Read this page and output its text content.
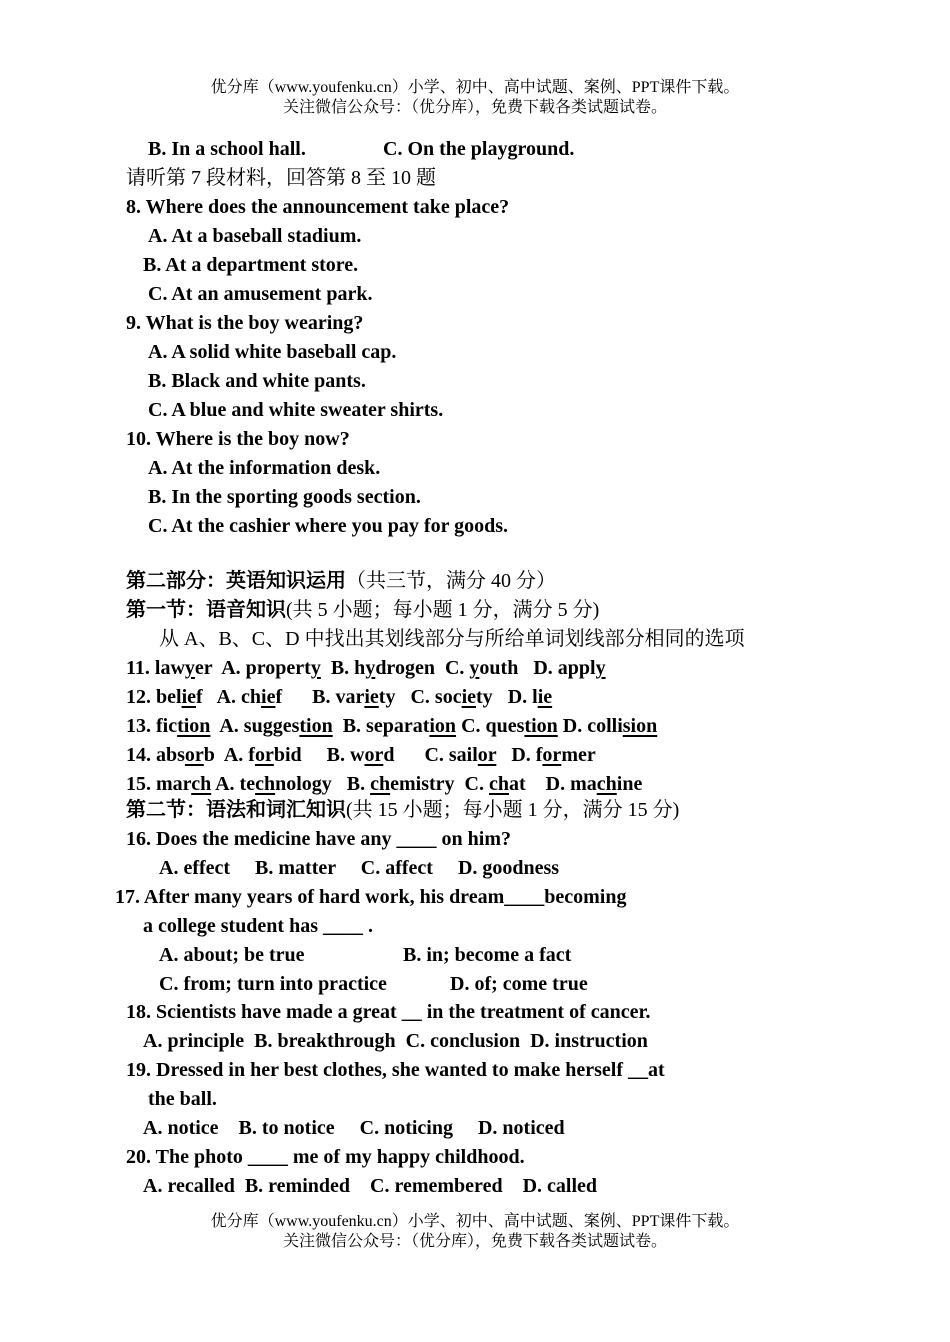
优分库（www.youfenku.cn）小学、初中、高中试题、案例、PPT课件下载。
关注微信公众号：（优分库），免费下载各类试题试卷。
B. In a school hall.	C. On the playground.
请听第 7 段材料，回答第 8 至 10 题
8. Where does the announcement take place?
A. At a baseball stadium.
B. At a department store.
C. At an amusement park.
9. What is the boy wearing?
A. A solid white baseball cap.
B. Black and white pants.
C. A blue and white sweater shirts.
10. Where is the boy now?
A. At the information desk.
B. In the sporting goods section.
C. At the cashier where you pay for goods.
第二部分：英语知识运用（共三节，满分 40 分）
第一节：语音知识(共 5 小题；每小题 1 分，满分 5 分)
从 A、B、C、D 中找出其划线部分与所给单词划线部分相同的选项
11. lawyer A. property B. hydrogen C. youth D. apply
12. belief A. chief B. variety C. society D. lie
13. fiction A. suggestion B. separation C. question D. collision
14. absorb A. forbid B. word C. sailor D. former
15. march A. technology B. chemistry C. chat D. machine
第二节：语法和词汇知识(共 15 小题；每小题 1 分，满分 15 分)
16. Does the medicine have any ____ on him?
A. effect     B. matter     C. affect     D. goodness
17. After many years of hard work, his dream____becoming
a college student has ____ .
A. about; be true	B. in; become a fact
C. from; turn into practice	D. of; come true
18. Scientists have made a great __ in the treatment of cancer.
A. principle  B. breakthrough  C. conclusion  D. instruction
19. Dressed in her best clothes, she wanted to make herself __at
the ball.
A. notice    B. to notice     C. noticing     D. noticed
20. The photo ____ me of my happy childhood.
A. recalled  B. reminded    C. remembered    D. called
优分库（www.youfenku.cn）小学、初中、高中试题、案例、PPT课件下载。
关注微信公众号：（优分库），免费下载各类试题试卷。
